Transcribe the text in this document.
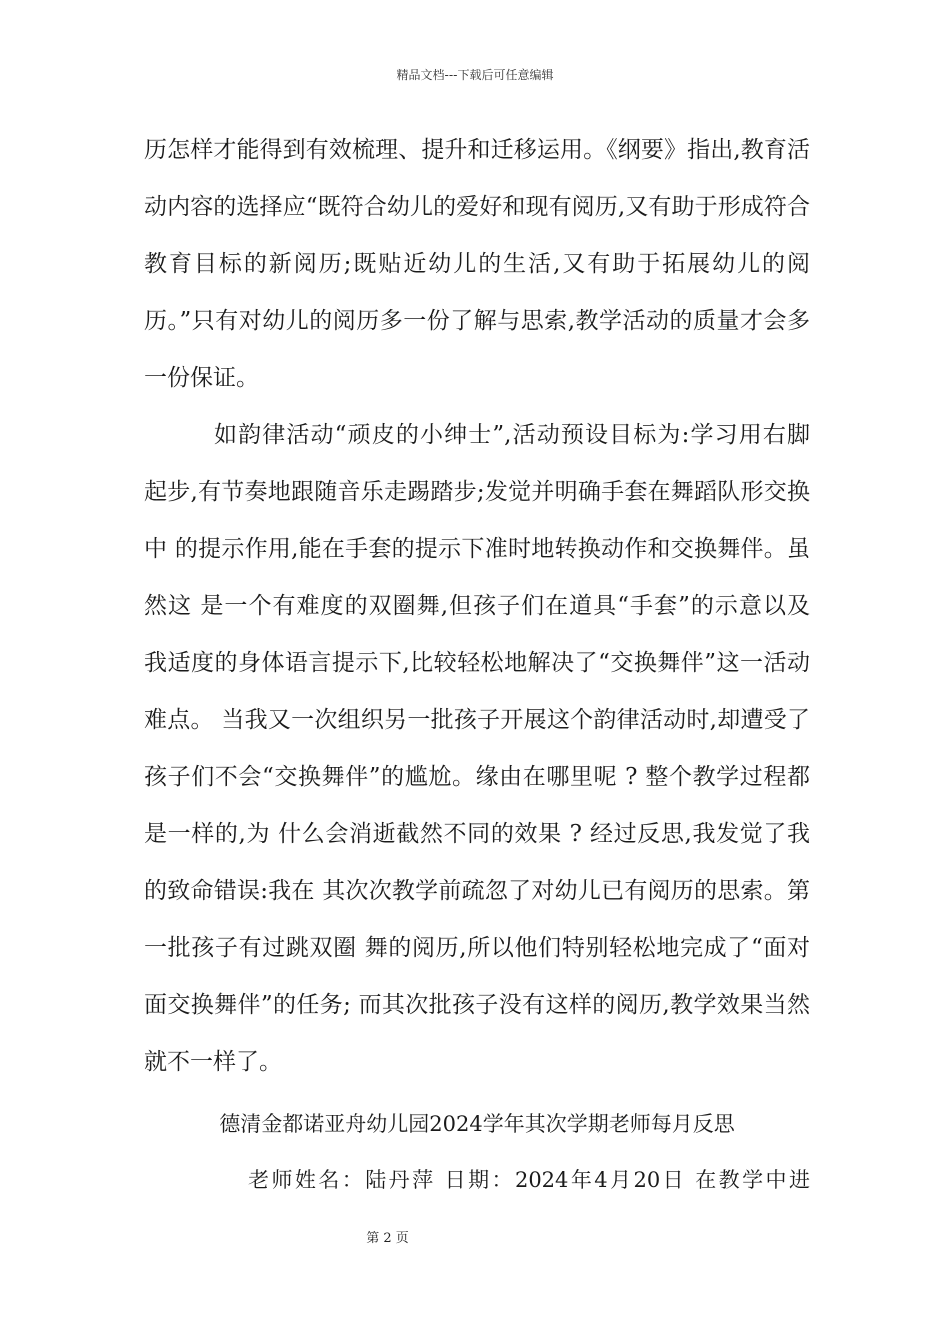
精品文档---下载后可任意编辑
历怎样才能得到有效梳理、提升和迁移运用。《纲要》指出,教育活
动内容的选择应“既符合幼儿的爱好和现有阅历,又有助于形成符合
教育目标的新阅历;既贴近幼儿的生活,又有助于拓展幼儿的阅
历。”只有对幼儿的阅历多一份了解与思索,教学活动的质量才会多
一份保证。
如韵律活动“顽皮的小绅士”,活动预设目标为:学习用右脚
起步,有节奏地跟随音乐走踢踏步;发觉并明确手套在舞蹈队形交换
中 的提示作用,能在手套的提示下准时地转换动作和交换舞伴。虽
然这 是一个有难度的双圈舞,但孩子们在道具“手套”的示意以及
我适度的身体语言提示下,比较轻松地解决了“交换舞伴”这一活动
难点。 当我又一次组织另一批孩子开展这个韵律活动时,却遭受了
孩子们不会“交换舞伴”的尴尬。缘由在哪里呢 ? 整个教学过程都
是一样的,为 什么会消逝截然不同的效果 ? 经过反思,我发觉了我
的致命错误:我在 其次次教学前疏忽了对幼儿已有阅历的思索。第
一批孩子有过跳双圈 舞的阅历,所以他们特别轻松地完成了“面对
面交换舞伴”的任务; 而其次批孩子没有这样的阅历,教学效果当然
就不一样了。
德清金都诺亚舟幼儿园2024学年其次学期老师每月反思
老师姓名：陆丹萍 日期：2024年4月20日 在教学中进
第 2 页
